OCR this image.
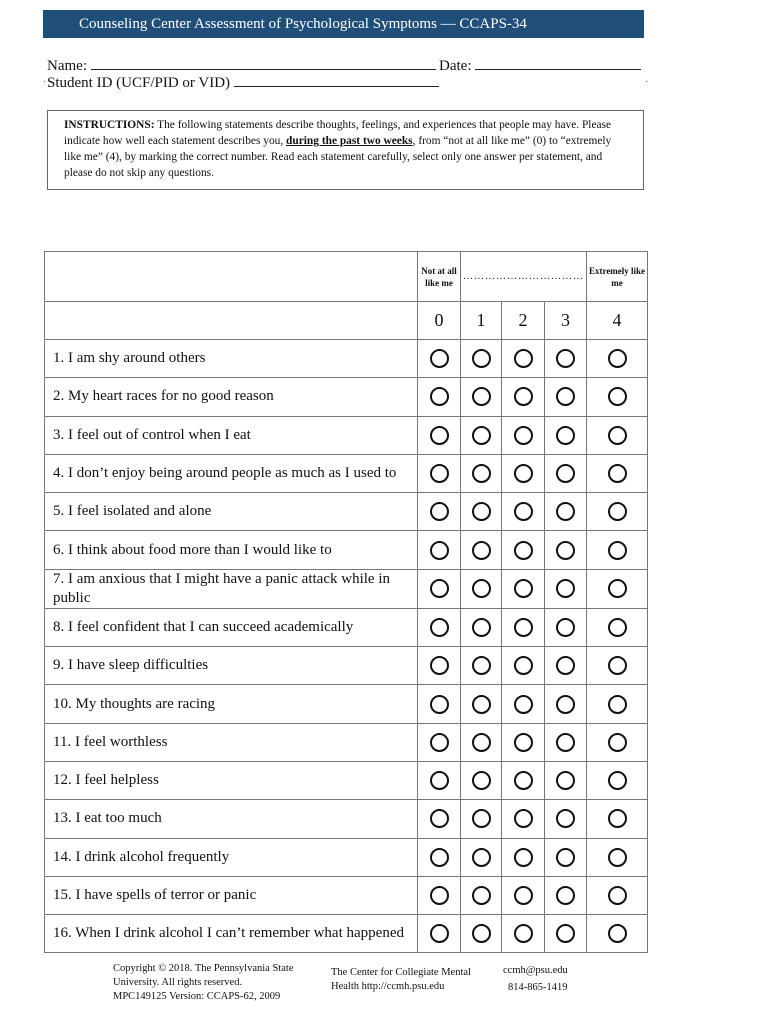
Counseling Center Assessment of Psychological Symptoms — CCAPS-34
Name:	Date:
· Student ID (UCF/PID or VID)	·
INSTRUCTIONS: The following statements describe thoughts, feelings, and experiences that people may have. Please indicate how well each statement describes you, during the past two weeks, from “not at all like me” (0) to “extremely like me” (4), by marking the correct number. Read each statement carefully, select only one answer per statement, and please do not skip any questions.
	Not at all like me	……………………………			Extremely like me
	0	1	2	3	4
1. I am shy around others					
2. My heart races for no good reason					
3. I feel out of control when I eat					
4. I don’t enjoy being around people as much as I used to					
5. I feel isolated and alone					
6. I think about food more than I would like to					
7. I am anxious that I might have a panic attack while in public					
8. I feel confident that I can succeed academically					
9. I have sleep difficulties					
10. My thoughts are racing					
11. I feel worthless					
12. I feel helpless					
13. I eat too much					
14. I drink alcohol frequently					
15. I have spells of terror or panic					
16. When I drink alcohol I can’t remember what happened					
Copyright © 2018. The Pennsylvania State University. All rights reserved. MPC149125 Version: CCAPS-62, 2009
The Center for Collegiate Mental Health http://ccmh.psu.edu
ccmh@psu.edu
814-865-1419
